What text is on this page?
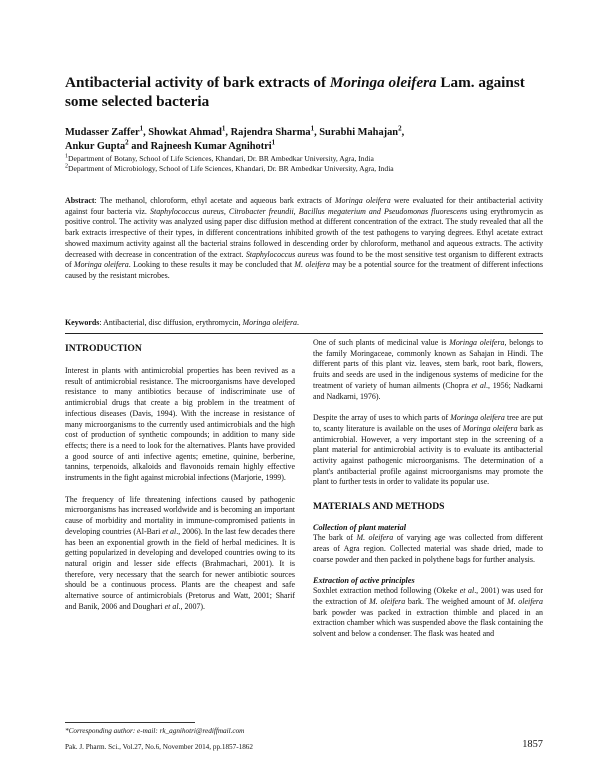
Antibacterial activity of bark extracts of Moringa oleifera Lam. against some selected bacteria

Mudasser Zaffer$^1$, Showkat Ahmad$^1$, Rajendra Sharma$^1$, Surabhi Mahajan$^2$,
Ankur Gupta$^2$ and Rajneesh Kumar Agnihotri$^1$

$^1$Department of Botany, School of Life Sciences, Khandari, Dr. BR Ambedkar University, Agra, India
$^2$Department of Microbiology, School of Life Sciences, Khandari, Dr. BR Ambedkar University, Agra, India

Abstract: The methanol, chloroform, ethyl acetate and aqueous bark extracts of Moringa oleifera were evaluated for their antibacterial activity against four bacteria viz. Staphylococcus aureus, Citrobacter freundii, Bacillus megaterium and Pseudomonas fluorescens using erythromycin as positive control. The activity was analyzed using paper disc diffusion method at different concentration of the extract. The study revealed that all the bark extracts irrespective of their types, in different concentrations inhibited growth of the test pathogens to varying degrees. Ethyl acetate extract showed maximum activity against all the bacterial strains followed in descending order by chloroform, methanol and aqueous extracts. The activity decreased with decrease in concentration of the extract. Staphylococcus aureus was found to be the most sensitive test organism to different extracts of Moringa oleifera. Looking to these results it may be concluded that M. oleifera may be a potential source for the treatment of different infections caused by the resistant microbes.

Keywords: Antibacterial, disc diffusion, erythromycin, Moringa oleifera.

INTRODUCTION

Interest in plants with antimicrobial properties has been revived as a result of antimicrobial resistance. The microorganisms have developed resistance to many antibiotics because of indiscriminate use of antimicrobial drugs that create a big problem in the treatment of infectious diseases (Davis, 1994). With the increase in resistance of many microorganisms to the currently used antimicrobials and the high cost of production of synthetic compounds; in addition to many side effects; there is a need to look for the alternatives. Plants have provided a good source of anti infective agents; emetine, quinine, berberine, tannins, terpenoids, alkaloids and flavonoids remain highly effective instruments in the fight against microbial infections (Marjorie, 1999).

The frequency of life threatening infections caused by pathogenic microorganisms has increased worldwide and is becoming an important cause of morbidity and mortality in immune-compromised patients in developing countries (Al-Bari et al., 2006). In the last few decades there has been an exponential growth in the field of herbal medicines. It is getting popularized in developing and developed countries owing to its natural origin and lesser side effects (Brahmachari, 2001). It is therefore, very necessary that the search for newer antibiotic sources should be a continuous process. Plants are the cheapest and safe alternative source of antimicrobials (Pretorus and Watt, 2001; Sharif and Banik, 2006 and Doughari et al., 2007).

One of such plants of medicinal value is Moringa oleifera, belongs to the family Moringaceae, commonly known as Sahajan in Hindi. The different parts of this plant viz. leaves, stem bark, root bark, flowers, fruits and seeds are used in the indigenous systems of medicine for the treatment of variety of human ailments (Chopra et al., 1956; Nadkarni and Nadkarni, 1976).

Despite the array of uses to which parts of Moringa oleifera tree are put to, scanty literature is available on the uses of Moringa oleifera bark as antimicrobial. However, a very important step in the screening of a plant material for antimicrobial activity is to evaluate its antibacterial activity against pathogenic microorganisms. The determination of a plant's antibacterial profile against microorganisms may promote the plant to further tests in order to validate its popular use.

MATERIALS AND METHODS
Collection of plant material

The bark of M. oleifera of varying age was collected from different areas of Agra region. Collected material was shade dried, made to coarse powder and then packed in polythene bags for further analysis.

Extraction of active principles

Soxhlet extraction method following (Okeke et al., 2001) was used for the extraction of M. oleifera bark. The weighed amount of M. oleifera bark powder was packed in extraction thimble and placed in an extraction chamber which was suspended above the flask containing the solvent and below a condenser. The flask was heated and

*Corresponding author: e-mail: rk_agnihotri@rediffmail.com

Pak. J. Pharm. Sci., Vol.27, No.6, November 2014, pp.1857-1862	1857
